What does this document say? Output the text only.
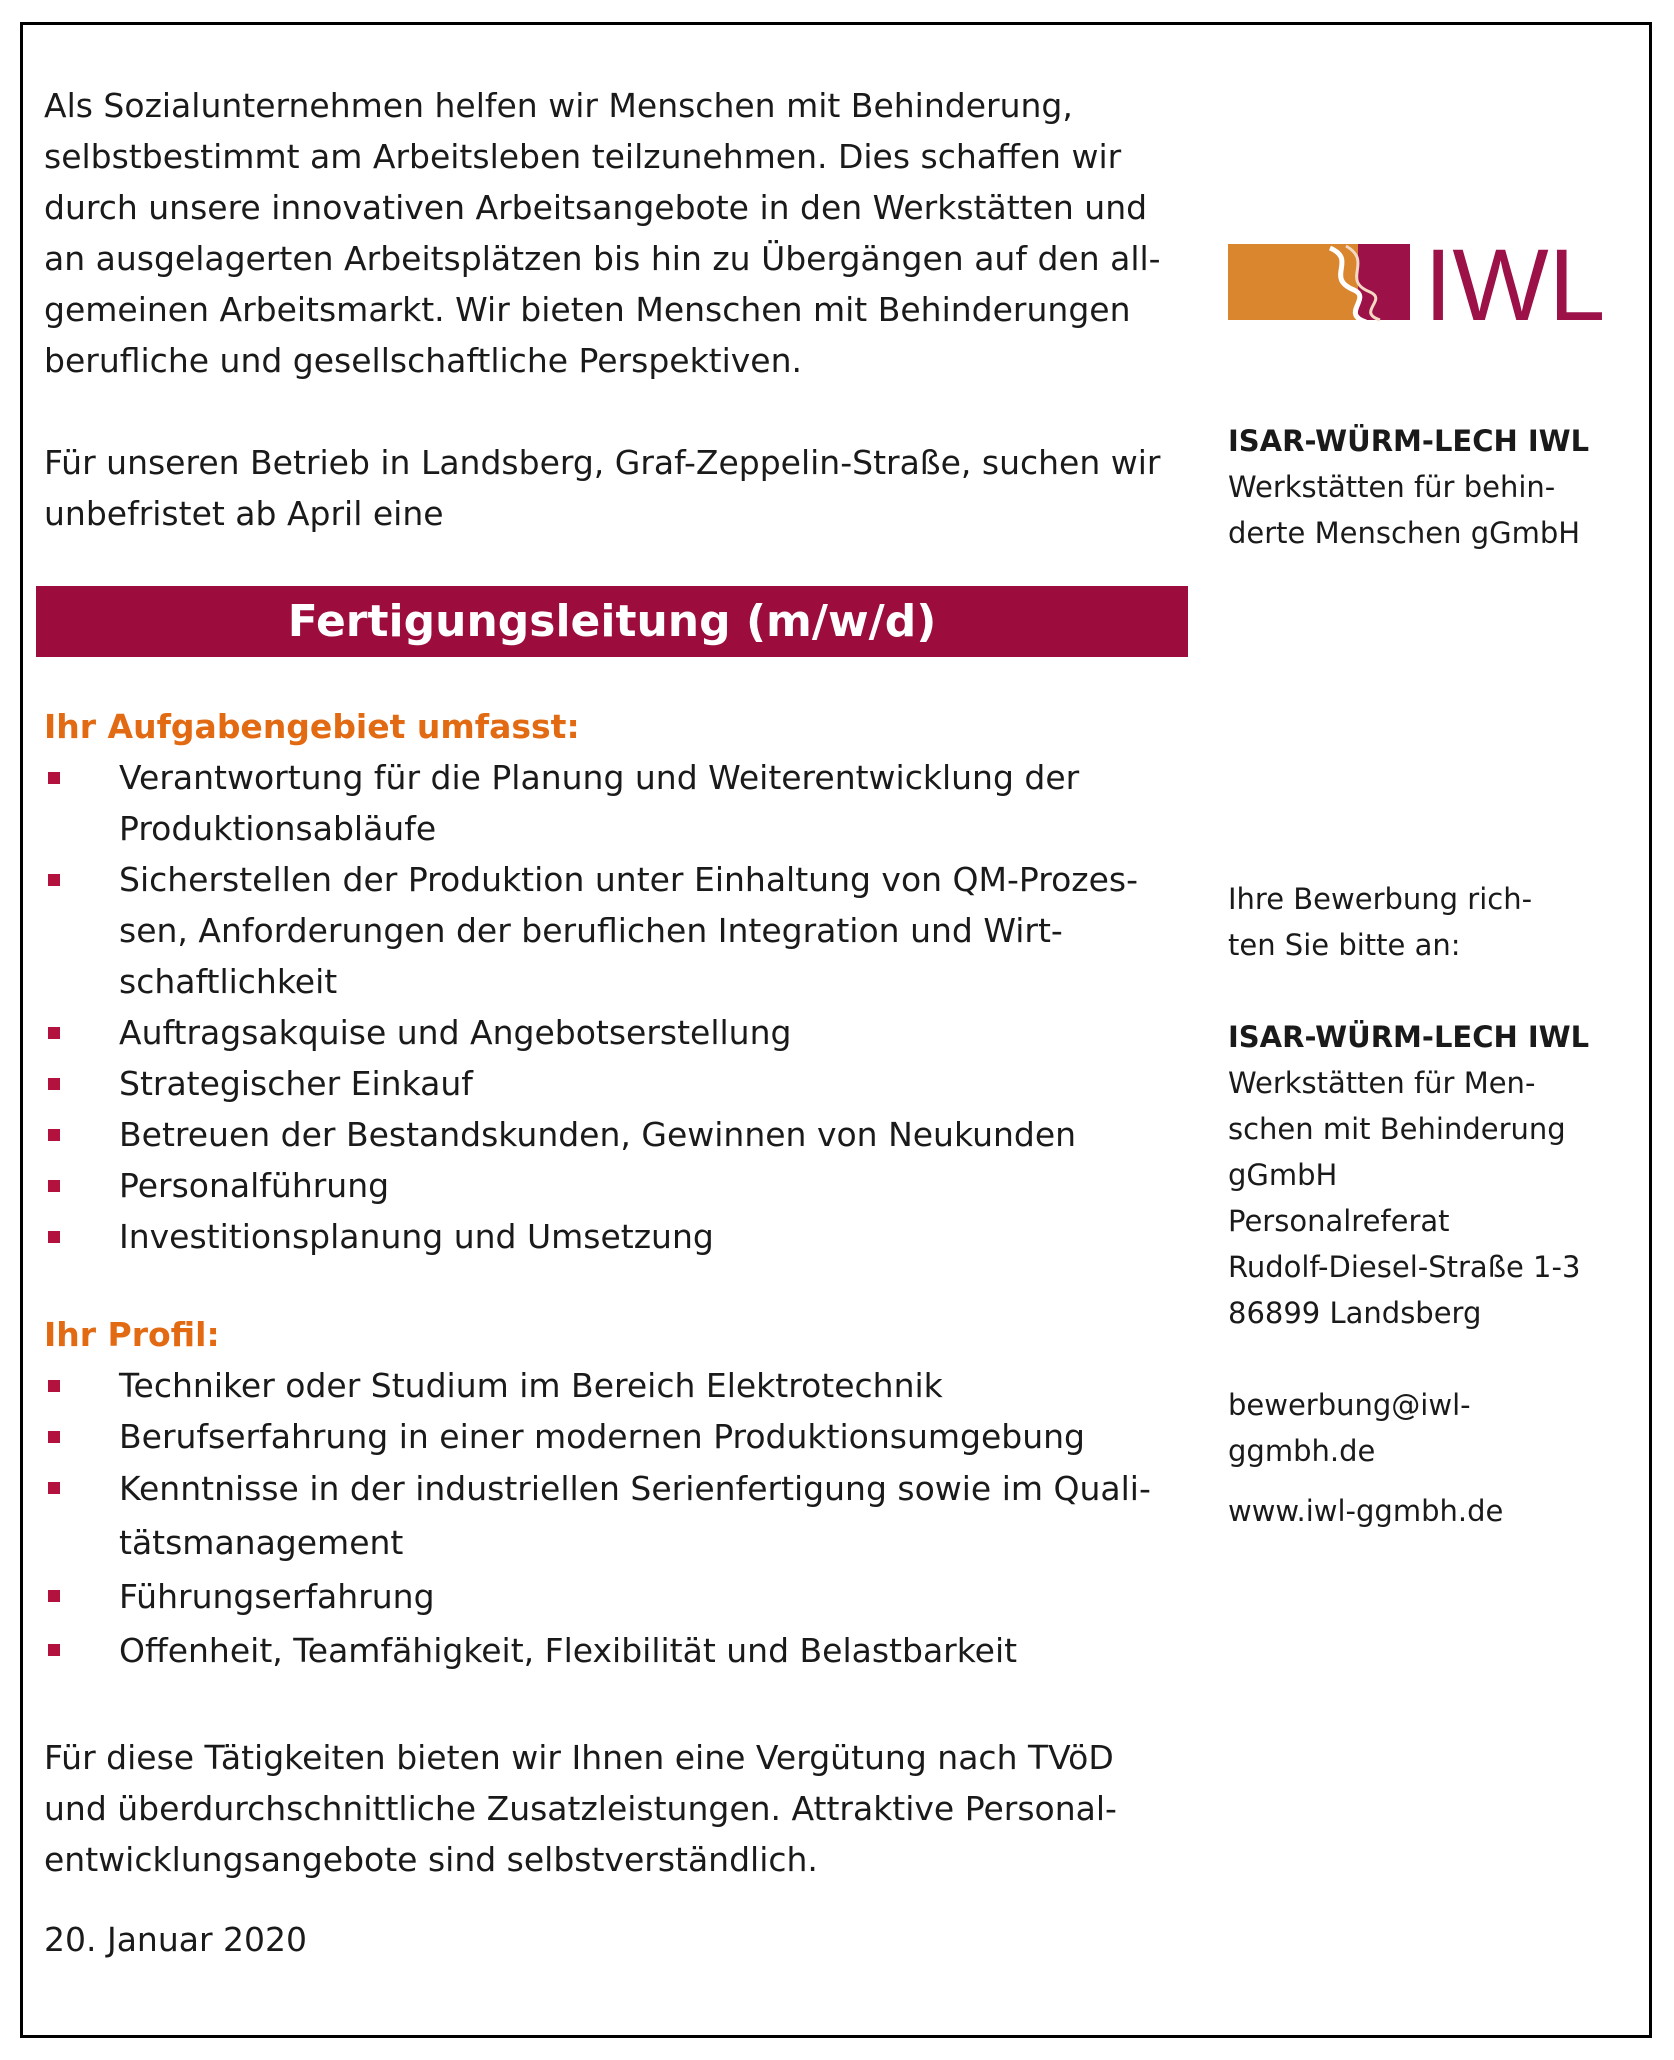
Als Sozialunternehmen helfen wir Menschen mit Behinderung,
selbstbestimmt am Arbeitsleben teilzunehmen. Dies schaffen wir
durch unsere innovativen Arbeitsangebote in den Werkstätten und
an ausgelagerten Arbeitsplätzen bis hin zu Übergängen auf den all-
gemeinen Arbeitsmarkt. Wir bieten Menschen mit Behinderungen
berufliche und gesellschaftliche Perspektiven.

Für unseren Betrieb in Landsberg, Graf-Zeppelin-Straße, suchen wir
unbefristet ab April eine

Fertigungsleitung (m/w/d)

Ihr Aufgabengebiet umfasst:

Verantwortung für die Planung und Weiterentwicklung der
Produktionsabläufe
Sicherstellen der Produktion unter Einhaltung von QM-Prozes-
sen, Anforderungen der beruflichen Integration und Wirt-
schaftlichkeit
Auftragsakquise und Angebotserstellung
Strategischer Einkauf
Betreuen der Bestandskunden, Gewinnen von Neukunden
Personalführung
Investitionsplanung und Umsetzung

Ihr Profil:

Techniker oder Studium im Bereich Elektrotechnik
Berufserfahrung in einer modernen Produktionsumgebung
Kenntnisse in der industriellen Serienfertigung sowie im Quali-
tätsmanagement
Führungserfahrung
Offenheit, Teamfähigkeit, Flexibilität und Belastbarkeit

Für diese Tätigkeiten bieten wir Ihnen eine Vergütung nach TVöD
und überdurchschnittliche Zusatzleistungen. Attraktive Personal-
entwicklungsangebote sind selbstverständlich.

20. Januar 2020

IWL

ISAR-WÜRM-LECH IWL

Werkstätten für behin-
derte Menschen gGmbH

Ihre Bewerbung rich-
ten Sie bitte an:

ISAR-WÜRM-LECH IWL

Werkstätten für Men-
schen mit Behinderung
gGmbH
Personalreferat
Rudolf-Diesel-Straße 1-3
86899 Landsberg

bewerbung@iwl-
ggmbh.de

www.iwl-ggmbh.de
